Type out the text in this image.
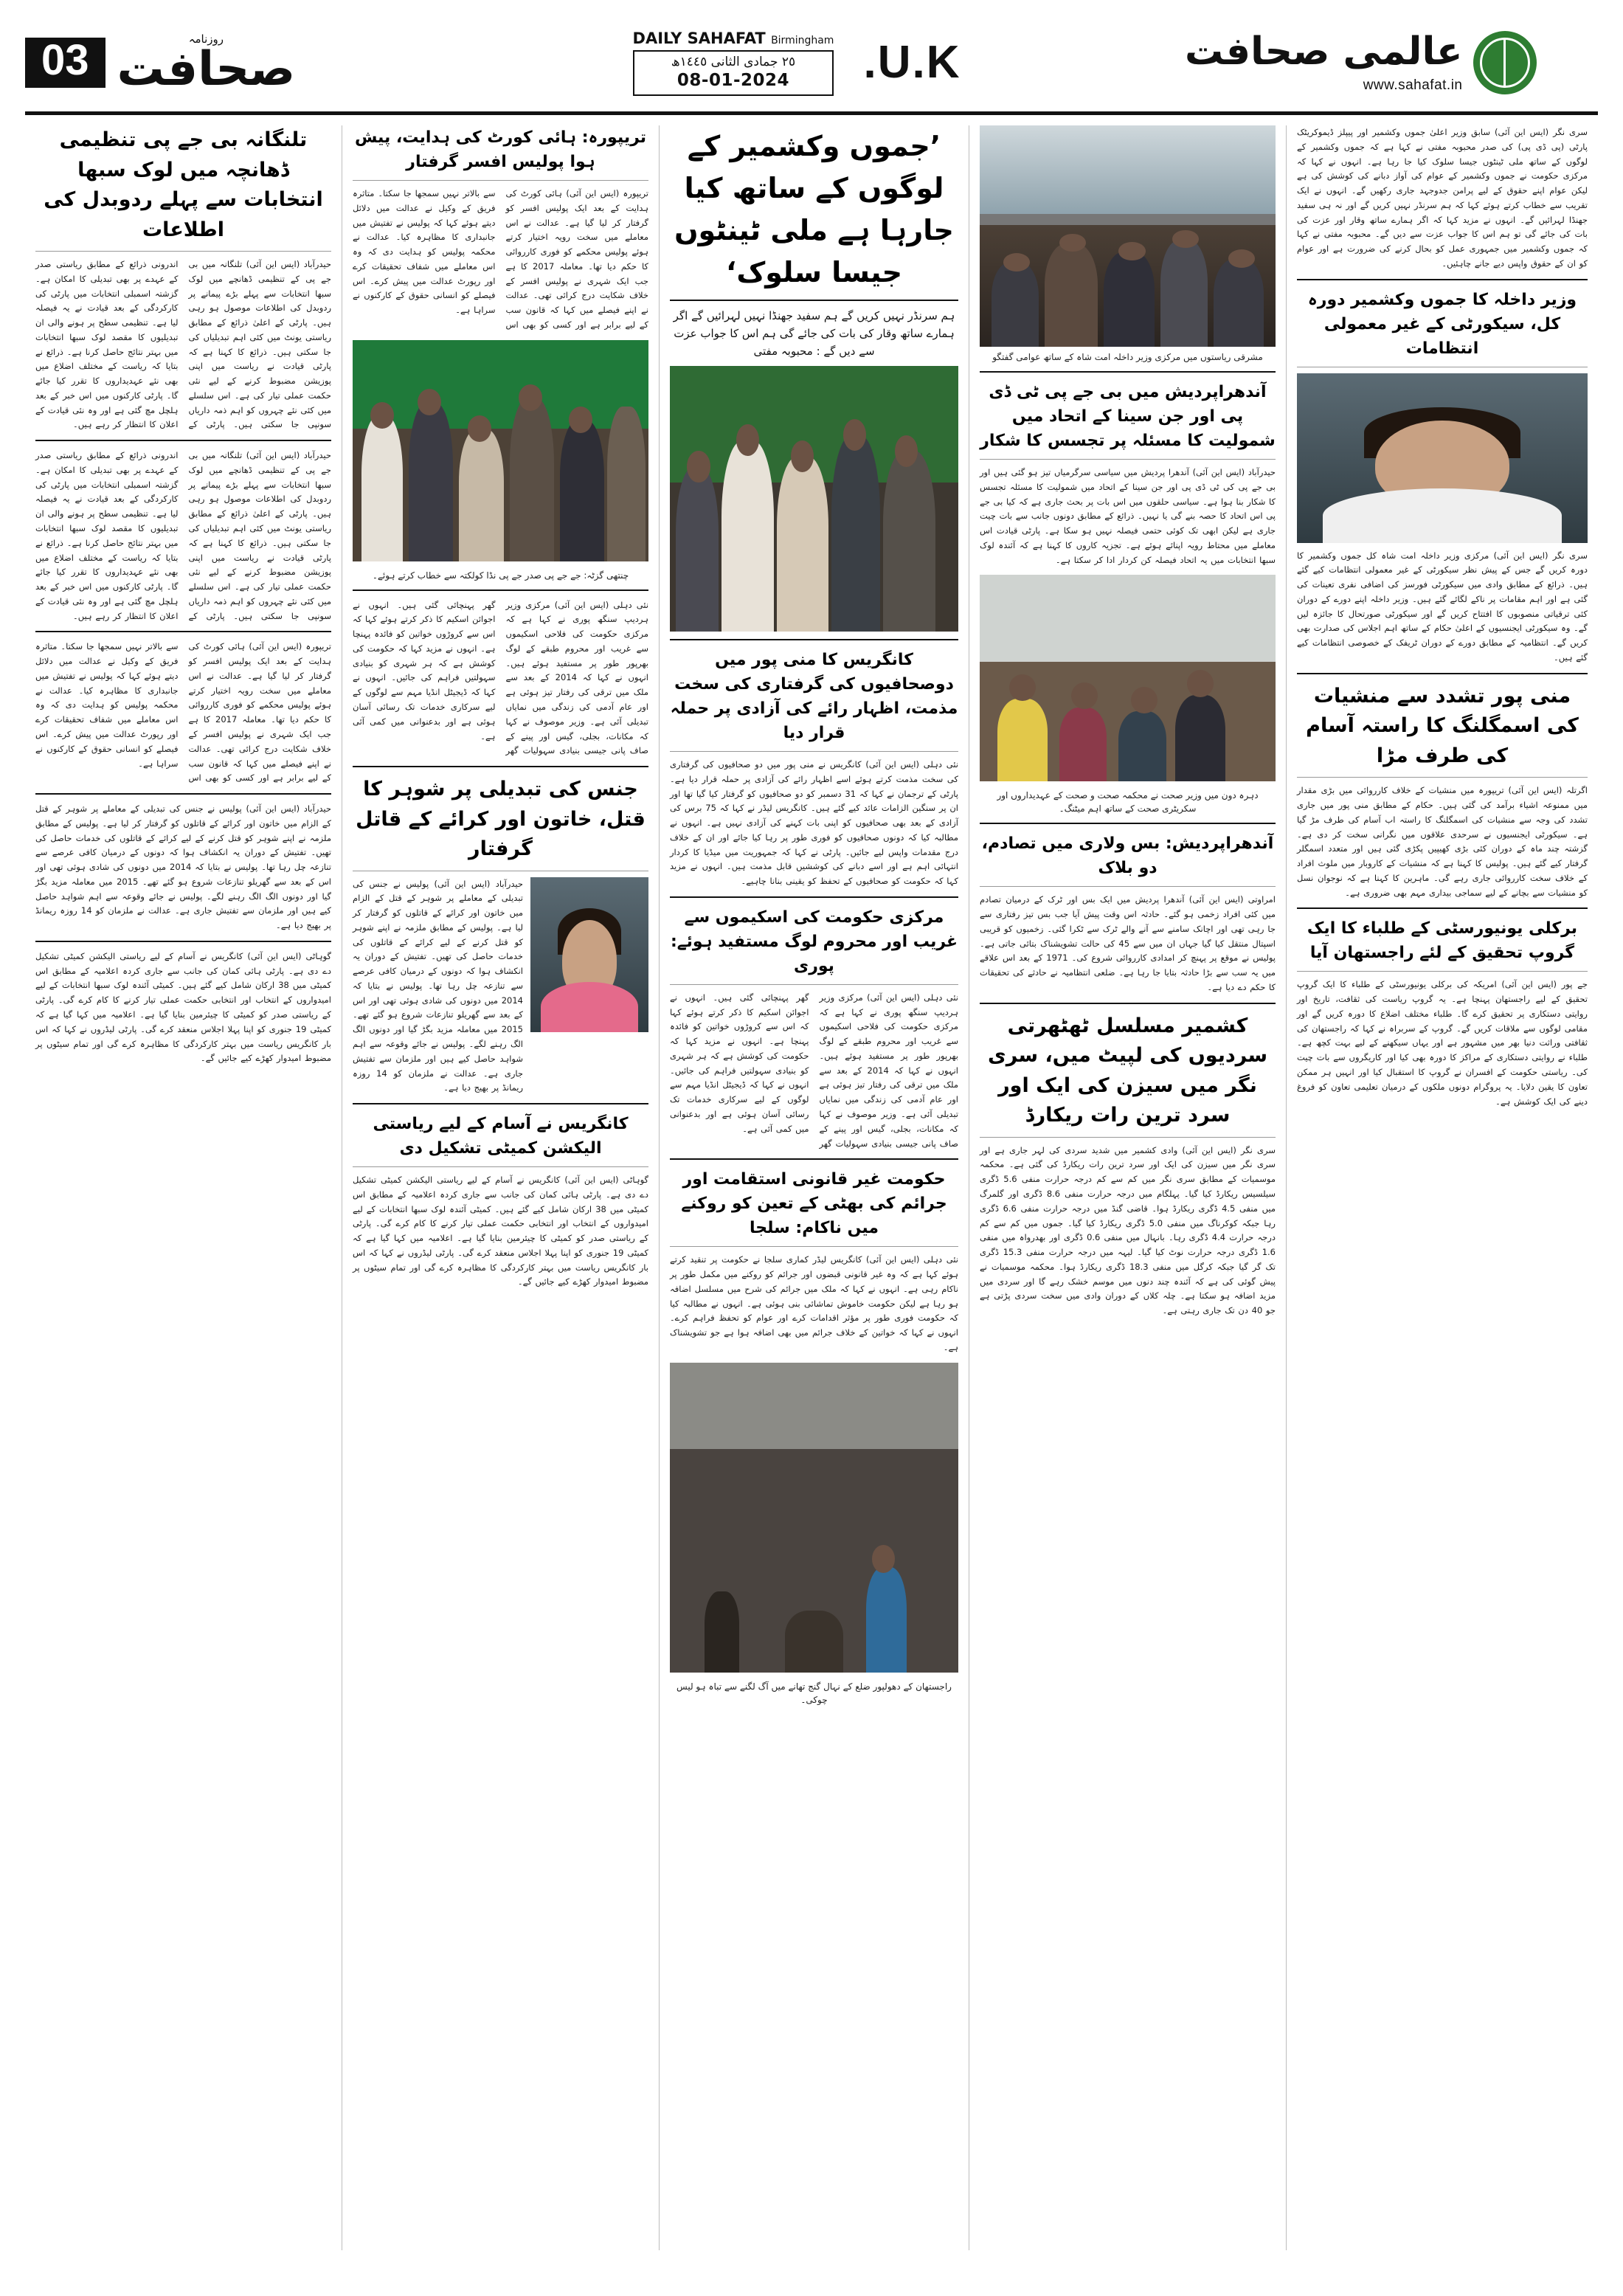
03	روزنامہ
صحافت
DAILY SAHAFAT Birmingham
٢٥ جمادی الثانی ١٤٤٥ھ
08-01-2024	U.K.	عالمی صحافت
www.sahafat.in
سری نگر (ایس این آئی) سابق وزیر اعلیٰ جموں وکشمیر اور پیپلز ڈیموکریٹک پارٹی (پی ڈی پی) کی صدر محبوبہ مفتی نے کہا ہے کہ جموں وکشمیر کے لوگوں کے ساتھ ملی ٹینٹوں جیسا سلوک کیا جا رہا ہے۔ انہوں نے کہا کہ مرکزی حکومت نے جموں وکشمیر کے عوام کی آواز دبانے کی کوشش کی ہے لیکن عوام اپنے حقوق کے لیے پرامن جدوجہد جاری رکھیں گے۔ انہوں نے ایک تقریب سے خطاب کرتے ہوئے کہا کہ ہم سرنڈر نہیں کریں گے اور نہ ہی سفید جھنڈا لہرائیں گے۔ انہوں نے مزید کہا کہ اگر ہمارے ساتھ وقار اور عزت کی بات کی جائے گی تو ہم اس کا جواب عزت سے دیں گے۔ محبوبہ مفتی نے کہا کہ جموں وکشمیر میں جمہوری عمل کو بحال کرنے کی ضرورت ہے اور عوام کو ان کے حقوق واپس دیے جانے چاہئیں۔
وزیر داخلہ کا جموں وکشمیر دورہ کل، سیکورٹی کے غیر معمولی انتظامات
سری نگر (ایس این آئی) مرکزی وزیر داخلہ امت شاہ کل جموں وکشمیر کا دورہ کریں گے جس کے پیش نظر سیکورٹی کے غیر معمولی انتظامات کیے گئے ہیں۔ ذرائع کے مطابق وادی میں سیکورٹی فورسز کی اضافی نفری تعینات کی گئی ہے اور اہم مقامات پر ناکے لگائے گئے ہیں۔ وزیر داخلہ اپنے دورے کے دوران کئی ترقیاتی منصوبوں کا افتتاح کریں گے اور سیکورٹی صورتحال کا جائزہ لیں گے۔ وہ سیکورٹی ایجنسیوں کے اعلیٰ حکام کے ساتھ اہم اجلاس کی صدارت بھی کریں گے۔ انتظامیہ کے مطابق دورے کے دوران ٹریفک کے خصوصی انتظامات کیے گئے ہیں۔
منی پور تشدد سے منشیات کی اسمگلنگ کا راستہ آسام کی طرف مڑا
اگرتلہ (ایس این آئی) تریپورہ میں منشیات کے خلاف کارروائی میں بڑی مقدار میں ممنوعہ اشیاء برآمد کی گئی ہیں۔ حکام کے مطابق منی پور میں جاری تشدد کی وجہ سے منشیات کی اسمگلنگ کا راستہ اب آسام کی طرف مڑ گیا ہے۔ سیکورٹی ایجنسیوں نے سرحدی علاقوں میں نگرانی سخت کر دی ہے۔ گزشتہ چند ماہ کے دوران کئی بڑی کھیپیں پکڑی گئی ہیں اور متعدد اسمگلر گرفتار کیے گئے ہیں۔ پولیس کا کہنا ہے کہ منشیات کے کاروبار میں ملوث افراد کے خلاف سخت کارروائی جاری رہے گی۔ ماہرین کا کہنا ہے کہ نوجوان نسل کو منشیات سے بچانے کے لیے سماجی بیداری مہم بھی ضروری ہے۔
برکلی یونیورسٹی کے طلباء کا ایک گروپ تحقیق کے لئے راجستھان آیا
جے پور (ایس این آئی) امریکہ کی برکلی یونیورسٹی کے طلباء کا ایک گروپ تحقیق کے لیے راجستھان پہنچا ہے۔ یہ گروپ ریاست کی ثقافت، تاریخ اور روایتی دستکاری پر تحقیق کرے گا۔ طلباء مختلف اضلاع کا دورہ کریں گے اور مقامی لوگوں سے ملاقات کریں گے۔ گروپ کے سربراہ نے کہا کہ راجستھان کی ثقافتی وراثت دنیا بھر میں مشہور ہے اور یہاں سیکھنے کے لیے بہت کچھ ہے۔ طلباء نے روایتی دستکاری کے مراکز کا دورہ بھی کیا اور کاریگروں سے بات چیت کی۔ ریاستی حکومت کے افسران نے گروپ کا استقبال کیا اور انہیں ہر ممکن تعاون کا یقین دلایا۔ یہ پروگرام دونوں ملکوں کے درمیان تعلیمی تعاون کو فروغ دینے کی ایک کوشش ہے۔
مشرقی ریاستوں میں مرکزی وزیر داخلہ امت شاہ کے ساتھ عوامی گفتگو
آندھراپردیش میں بی جے پی ٹی ڈی پی اور جن سینا کے اتحاد میں شمولیت کا مسئلہ پر تجسس کا شکار
حیدرآباد (ایس این آئی) آندھرا پردیش میں سیاسی سرگرمیاں تیز ہو گئی ہیں اور بی جے پی کی ٹی ڈی پی اور جن سینا کے اتحاد میں شمولیت کا مسئلہ تجسس کا شکار بنا ہوا ہے۔ سیاسی حلقوں میں اس بات پر بحث جاری ہے کہ کیا بی جے پی اس اتحاد کا حصہ بنے گی یا نہیں۔ ذرائع کے مطابق دونوں جانب سے بات چیت جاری ہے لیکن ابھی تک کوئی حتمی فیصلہ نہیں ہو سکا ہے۔ پارٹی قیادت اس معاملے میں محتاط رویہ اپنائے ہوئے ہے۔ تجزیہ کاروں کا کہنا ہے کہ آئندہ لوک سبھا انتخابات میں یہ اتحاد فیصلہ کن کردار ادا کر سکتا ہے۔
دہرہ دون میں وزیر صحت نے محکمہ صحت و صحت کے عہدیداروں اور سکریٹری صحت کے ساتھ اہم میٹنگ۔
آندھراپردیش: بس ولاری میں تصادم، دو بلاک
امراوتی (ایس این آئی) آندھرا پردیش میں ایک بس اور ٹرک کے درمیان تصادم میں کئی افراد زخمی ہو گئے۔ حادثہ اس وقت پیش آیا جب بس تیز رفتاری سے جا رہی تھی اور اچانک سامنے سے آنے والے ٹرک سے ٹکرا گئی۔ زخمیوں کو قریبی اسپتال منتقل کیا گیا جہاں ان میں سے 45 کی حالت تشویشناک بتائی جاتی ہے۔ پولیس نے موقع پر پہنچ کر امدادی کارروائی شروع کی۔ 1971 کے بعد اس علاقے میں یہ سب سے بڑا حادثہ بتایا جا رہا ہے۔ ضلعی انتظامیہ نے حادثے کی تحقیقات کا حکم دے دیا ہے۔
کشمیر مسلسل ٹھٹھرتی سردیوں کی لپیٹ میں، سری نگر میں سیزن کی ایک اور سرد ترین رات ریکارڈ
سری نگر (ایس این آئی) وادی کشمیر میں شدید سردی کی لہر جاری ہے اور سری نگر میں سیزن کی ایک اور سرد ترین رات ریکارڈ کی گئی ہے۔ محکمہ موسمیات کے مطابق سری نگر میں کم سے کم درجہ حرارت منفی 5.6 ڈگری سیلسیس ریکارڈ کیا گیا۔ پہلگام میں درجہ حرارت منفی 8.6 ڈگری اور گلمرگ میں منفی 4.5 ڈگری ریکارڈ ہوا۔ قاضی گنڈ میں درجہ حرارت منفی 6.6 ڈگری رہا جبکہ کوکرناگ میں منفی 5.0 ڈگری ریکارڈ کیا گیا۔ جموں میں کم سے کم درجہ حرارت 4.4 ڈگری رہا۔ بانہال میں منفی 0.6 ڈگری اور بھدرواہ میں منفی 1.6 ڈگری درجہ حرارت نوٹ کیا گیا۔ لیہہ میں درجہ حرارت منفی 15.3 ڈگری تک گر گیا جبکہ کرگل میں منفی 18.3 ڈگری ریکارڈ ہوا۔ محکمہ موسمیات نے پیش گوئی کی ہے کہ آئندہ چند دنوں میں موسم خشک رہے گا اور سردی میں مزید اضافہ ہو سکتا ہے۔ چلہ کلاں کے دوران وادی میں سخت سردی پڑتی ہے جو 40 دن تک جاری رہتی ہے۔
’جموں وکشمیر کے لوگوں کے ساتھ کیا جارہا ہے ملی ٹینٹوں جیسا سلوک‘
ہم سرنڈر نہیں کریں گے ہم سفید جھنڈا نہیں لہرائیں گے اگر ہمارے ساتھ وقار کی بات کی جائے گی ہم اس کا جواب عزت سے دیں گے : محبوبہ مفتی
کانگریس کا منی پور میں دوصحافیوں کی گرفتاری کی سخت مذمت، اظہار رائے کی آزادی پر حملہ قرار دیا
نئی دہلی (ایس این آئی) کانگریس نے منی پور میں دو صحافیوں کی گرفتاری کی سخت مذمت کرتے ہوئے اسے اظہار رائے کی آزادی پر حملہ قرار دیا ہے۔ پارٹی کے ترجمان نے کہا کہ 31 دسمبر کو دو صحافیوں کو گرفتار کیا گیا تھا اور ان پر سنگین الزامات عائد کیے گئے ہیں۔ کانگریس لیڈر نے کہا کہ 75 برس کی آزادی کے بعد بھی صحافیوں کو اپنی بات کہنے کی آزادی نہیں ہے۔ انہوں نے مطالبہ کیا کہ دونوں صحافیوں کو فوری طور پر رہا کیا جائے اور ان کے خلاف درج مقدمات واپس لیے جائیں۔ پارٹی نے کہا کہ جمہوریت میں میڈیا کا کردار انتہائی اہم ہے اور اسے دبانے کی کوششیں قابل مذمت ہیں۔ انہوں نے مزید کہا کہ حکومت کو صحافیوں کے تحفظ کو یقینی بنانا چاہیے۔
مرکزی حکومت کی اسکیموں سے غریب اور محروم لوگ مستفید ہوئے: پوری
نئی دہلی (ایس این آئی) مرکزی وزیر ہردیپ سنگھ پوری نے کہا ہے کہ مرکزی حکومت کی فلاحی اسکیموں سے غریب اور محروم طبقے کے لوگ بھرپور طور پر مستفید ہوئے ہیں۔ انہوں نے کہا کہ 2014 کے بعد سے ملک میں ترقی کی رفتار تیز ہوئی ہے اور عام آدمی کی زندگی میں نمایاں تبدیلی آئی ہے۔ وزیر موصوف نے کہا کہ مکانات، بجلی، گیس اور پینے کے صاف پانی جیسی بنیادی سہولیات گھر گھر پہنچائی گئی ہیں۔ انہوں نے اجوائن اسکیم کا ذکر کرتے ہوئے کہا کہ اس سے کروڑوں خواتین کو فائدہ پہنچا ہے۔ انہوں نے مزید کہا کہ حکومت کی کوشش ہے کہ ہر شہری کو بنیادی سہولتیں فراہم کی جائیں۔ انہوں نے کہا کہ ڈیجیٹل انڈیا مہم سے لوگوں کے لیے سرکاری خدمات تک رسائی آسان ہوئی ہے اور بدعنوانی میں کمی آئی ہے۔
حکومت غیر قانونی استقامت اور جرائم کی بھٹی کے تعین کو روکنے میں ناکام: سلجا
نئی دہلی (ایس این آئی) کانگریس لیڈر کماری سلجا نے حکومت پر تنقید کرتے ہوئے کہا ہے کہ وہ غیر قانونی قبضوں اور جرائم کو روکنے میں مکمل طور پر ناکام رہی ہے۔ انہوں نے کہا کہ ملک میں جرائم کی شرح میں مسلسل اضافہ ہو رہا ہے لیکن حکومت خاموش تماشائی بنی ہوئی ہے۔ انہوں نے مطالبہ کیا کہ حکومت فوری طور پر مؤثر اقدامات کرے اور عوام کو تحفظ فراہم کرے۔ انہوں نے کہا کہ خواتین کے خلاف جرائم میں بھی اضافہ ہوا ہے جو تشویشناک ہے۔
راجستھان کے دھولپور ضلع کے نہال گنج تھانے میں آگ لگنے سے تباہ ہو لیس چوکی۔
تریپورہ: ہائی کورٹ کی ہدایت، پیش ہوا پولیس افسر گرفتار
تریپورہ (ایس این آئی) ہائی کورٹ کی ہدایت کے بعد ایک پولیس افسر کو گرفتار کر لیا گیا ہے۔ عدالت نے اس معاملے میں سخت رویہ اختیار کرتے ہوئے پولیس محکمے کو فوری کارروائی کا حکم دیا تھا۔ معاملہ 2017 کا ہے جب ایک شہری نے پولیس افسر کے خلاف شکایت درج کرائی تھی۔ عدالت نے اپنے فیصلے میں کہا کہ قانون سب کے لیے برابر ہے اور کسی کو بھی اس سے بالاتر نہیں سمجھا جا سکتا۔ متاثرہ فریق کے وکیل نے عدالت میں دلائل دیتے ہوئے کہا کہ پولیس نے تفتیش میں جانبداری کا مظاہرہ کیا۔ عدالت نے محکمہ پولیس کو ہدایت دی کہ وہ اس معاملے میں شفاف تحقیقات کرے اور رپورٹ عدالت میں پیش کرے۔ اس فیصلے کو انسانی حقوق کے کارکنوں نے سراہا ہے۔
چنتھی گزٹہ: جے جے پی صدر جے پی نڈا کولکتہ سے خطاب کرتے ہوئے۔
نئی دہلی (ایس این آئی) مرکزی وزیر ہردیپ سنگھ پوری نے کہا ہے کہ مرکزی حکومت کی فلاحی اسکیموں سے غریب اور محروم طبقے کے لوگ بھرپور طور پر مستفید ہوئے ہیں۔ انہوں نے کہا کہ 2014 کے بعد سے ملک میں ترقی کی رفتار تیز ہوئی ہے اور عام آدمی کی زندگی میں نمایاں تبدیلی آئی ہے۔ وزیر موصوف نے کہا کہ مکانات، بجلی، گیس اور پینے کے صاف پانی جیسی بنیادی سہولیات گھر گھر پہنچائی گئی ہیں۔ انہوں نے اجوائن اسکیم کا ذکر کرتے ہوئے کہا کہ اس سے کروڑوں خواتین کو فائدہ پہنچا ہے۔ انہوں نے مزید کہا کہ حکومت کی کوشش ہے کہ ہر شہری کو بنیادی سہولتیں فراہم کی جائیں۔ انہوں نے کہا کہ ڈیجیٹل انڈیا مہم سے لوگوں کے لیے سرکاری خدمات تک رسائی آسان ہوئی ہے اور بدعنوانی میں کمی آئی ہے۔
جنس کی تبدیلی پر شوہر کا قتل، خاتون اور کرائے کے قاتل گرفتار
حیدرآباد (ایس این آئی) پولیس نے جنس کی تبدیلی کے معاملے پر شوہر کے قتل کے الزام میں خاتون اور کرائے کے قاتلوں کو گرفتار کر لیا ہے۔ پولیس کے مطابق ملزمہ نے اپنے شوہر کو قتل کرنے کے لیے کرائے کے قاتلوں کی خدمات حاصل کی تھیں۔ تفتیش کے دوران یہ انکشاف ہوا کہ دونوں کے درمیان کافی عرصے سے تنازعہ چل رہا تھا۔ پولیس نے بتایا کہ 2014 میں دونوں کی شادی ہوئی تھی اور اس کے بعد سے گھریلو تنازعات شروع ہو گئے تھے۔ 2015 میں معاملہ مزید بگڑ گیا اور دونوں الگ الگ رہنے لگے۔ پولیس نے جائے وقوعہ سے اہم شواہد حاصل کیے ہیں اور ملزمان سے تفتیش جاری ہے۔ عدالت نے ملزمان کو 14 روزہ ریمانڈ پر بھیج دیا ہے۔
کانگریس نے آسام کے لیے ریاستی الیکشن کمیٹی تشکیل دی
گوہاٹی (ایس این آئی) کانگریس نے آسام کے لیے ریاستی الیکشن کمیٹی تشکیل دے دی ہے۔ پارٹی ہائی کمان کی جانب سے جاری کردہ اعلامیہ کے مطابق اس کمیٹی میں 38 ارکان شامل کیے گئے ہیں۔ کمیٹی آئندہ لوک سبھا انتخابات کے لیے امیدواروں کے انتخاب اور انتخابی حکمت عملی تیار کرنے کا کام کرے گی۔ پارٹی کے ریاستی صدر کو کمیٹی کا چیئرمین بنایا گیا ہے۔ اعلامیہ میں کہا گیا ہے کہ کمیٹی 19 جنوری کو اپنا پہلا اجلاس منعقد کرے گی۔ پارٹی لیڈروں نے کہا کہ اس بار کانگریس ریاست میں بہتر کارکردگی کا مظاہرہ کرے گی اور تمام سیٹوں پر مضبوط امیدوار کھڑے کیے جائیں گے۔
تلنگانہ بی جے پی تنظیمی ڈھانچہ میں لوک سبھا انتخابات سے پہلے ردوبدل کی اطلاعات
حیدرآباد (ایس این آئی) تلنگانہ میں بی جے پی کے تنظیمی ڈھانچے میں لوک سبھا انتخابات سے پہلے بڑے پیمانے پر ردوبدل کی اطلاعات موصول ہو رہی ہیں۔ پارٹی کے اعلیٰ ذرائع کے مطابق ریاستی یونٹ میں کئی اہم تبدیلیاں کی جا سکتی ہیں۔ ذرائع کا کہنا ہے کہ پارٹی قیادت نے ریاست میں اپنی پوزیشن مضبوط کرنے کے لیے نئی حکمت عملی تیار کی ہے۔ اس سلسلے میں کئی نئے چہروں کو اہم ذمہ داریاں سونپی جا سکتی ہیں۔ پارٹی کے اندرونی ذرائع کے مطابق ریاستی صدر کے عہدے پر بھی تبدیلی کا امکان ہے۔ گزشتہ اسمبلی انتخابات میں پارٹی کی کارکردگی کے بعد قیادت نے یہ فیصلہ لیا ہے۔ تنظیمی سطح پر ہونے والی ان تبدیلیوں کا مقصد لوک سبھا انتخابات میں بہتر نتائج حاصل کرنا ہے۔ ذرائع نے بتایا کہ ریاست کے مختلف اضلاع میں بھی نئے عہدیداروں کا تقرر کیا جائے گا۔ پارٹی کارکنوں میں اس خبر کے بعد ہلچل مچ گئی ہے اور وہ نئی قیادت کے اعلان کا انتظار کر رہے ہیں۔
حیدرآباد (ایس این آئی) تلنگانہ میں بی جے پی کے تنظیمی ڈھانچے میں لوک سبھا انتخابات سے پہلے بڑے پیمانے پر ردوبدل کی اطلاعات موصول ہو رہی ہیں۔ پارٹی کے اعلیٰ ذرائع کے مطابق ریاستی یونٹ میں کئی اہم تبدیلیاں کی جا سکتی ہیں۔ ذرائع کا کہنا ہے کہ پارٹی قیادت نے ریاست میں اپنی پوزیشن مضبوط کرنے کے لیے نئی حکمت عملی تیار کی ہے۔ اس سلسلے میں کئی نئے چہروں کو اہم ذمہ داریاں سونپی جا سکتی ہیں۔ پارٹی کے اندرونی ذرائع کے مطابق ریاستی صدر کے عہدے پر بھی تبدیلی کا امکان ہے۔ گزشتہ اسمبلی انتخابات میں پارٹی کی کارکردگی کے بعد قیادت نے یہ فیصلہ لیا ہے۔ تنظیمی سطح پر ہونے والی ان تبدیلیوں کا مقصد لوک سبھا انتخابات میں بہتر نتائج حاصل کرنا ہے۔ ذرائع نے بتایا کہ ریاست کے مختلف اضلاع میں بھی نئے عہدیداروں کا تقرر کیا جائے گا۔ پارٹی کارکنوں میں اس خبر کے بعد ہلچل مچ گئی ہے اور وہ نئی قیادت کے اعلان کا انتظار کر رہے ہیں۔
تریپورہ (ایس این آئی) ہائی کورٹ کی ہدایت کے بعد ایک پولیس افسر کو گرفتار کر لیا گیا ہے۔ عدالت نے اس معاملے میں سخت رویہ اختیار کرتے ہوئے پولیس محکمے کو فوری کارروائی کا حکم دیا تھا۔ معاملہ 2017 کا ہے جب ایک شہری نے پولیس افسر کے خلاف شکایت درج کرائی تھی۔ عدالت نے اپنے فیصلے میں کہا کہ قانون سب کے لیے برابر ہے اور کسی کو بھی اس سے بالاتر نہیں سمجھا جا سکتا۔ متاثرہ فریق کے وکیل نے عدالت میں دلائل دیتے ہوئے کہا کہ پولیس نے تفتیش میں جانبداری کا مظاہرہ کیا۔ عدالت نے محکمہ پولیس کو ہدایت دی کہ وہ اس معاملے میں شفاف تحقیقات کرے اور رپورٹ عدالت میں پیش کرے۔ اس فیصلے کو انسانی حقوق کے کارکنوں نے سراہا ہے۔
حیدرآباد (ایس این آئی) پولیس نے جنس کی تبدیلی کے معاملے پر شوہر کے قتل کے الزام میں خاتون اور کرائے کے قاتلوں کو گرفتار کر لیا ہے۔ پولیس کے مطابق ملزمہ نے اپنے شوہر کو قتل کرنے کے لیے کرائے کے قاتلوں کی خدمات حاصل کی تھیں۔ تفتیش کے دوران یہ انکشاف ہوا کہ دونوں کے درمیان کافی عرصے سے تنازعہ چل رہا تھا۔ پولیس نے بتایا کہ 2014 میں دونوں کی شادی ہوئی تھی اور اس کے بعد سے گھریلو تنازعات شروع ہو گئے تھے۔ 2015 میں معاملہ مزید بگڑ گیا اور دونوں الگ الگ رہنے لگے۔ پولیس نے جائے وقوعہ سے اہم شواہد حاصل کیے ہیں اور ملزمان سے تفتیش جاری ہے۔ عدالت نے ملزمان کو 14 روزہ ریمانڈ پر بھیج دیا ہے۔
گوہاٹی (ایس این آئی) کانگریس نے آسام کے لیے ریاستی الیکشن کمیٹی تشکیل دے دی ہے۔ پارٹی ہائی کمان کی جانب سے جاری کردہ اعلامیہ کے مطابق اس کمیٹی میں 38 ارکان شامل کیے گئے ہیں۔ کمیٹی آئندہ لوک سبھا انتخابات کے لیے امیدواروں کے انتخاب اور انتخابی حکمت عملی تیار کرنے کا کام کرے گی۔ پارٹی کے ریاستی صدر کو کمیٹی کا چیئرمین بنایا گیا ہے۔ اعلامیہ میں کہا گیا ہے کہ کمیٹی 19 جنوری کو اپنا پہلا اجلاس منعقد کرے گی۔ پارٹی لیڈروں نے کہا کہ اس بار کانگریس ریاست میں بہتر کارکردگی کا مظاہرہ کرے گی اور تمام سیٹوں پر مضبوط امیدوار کھڑے کیے جائیں گے۔
